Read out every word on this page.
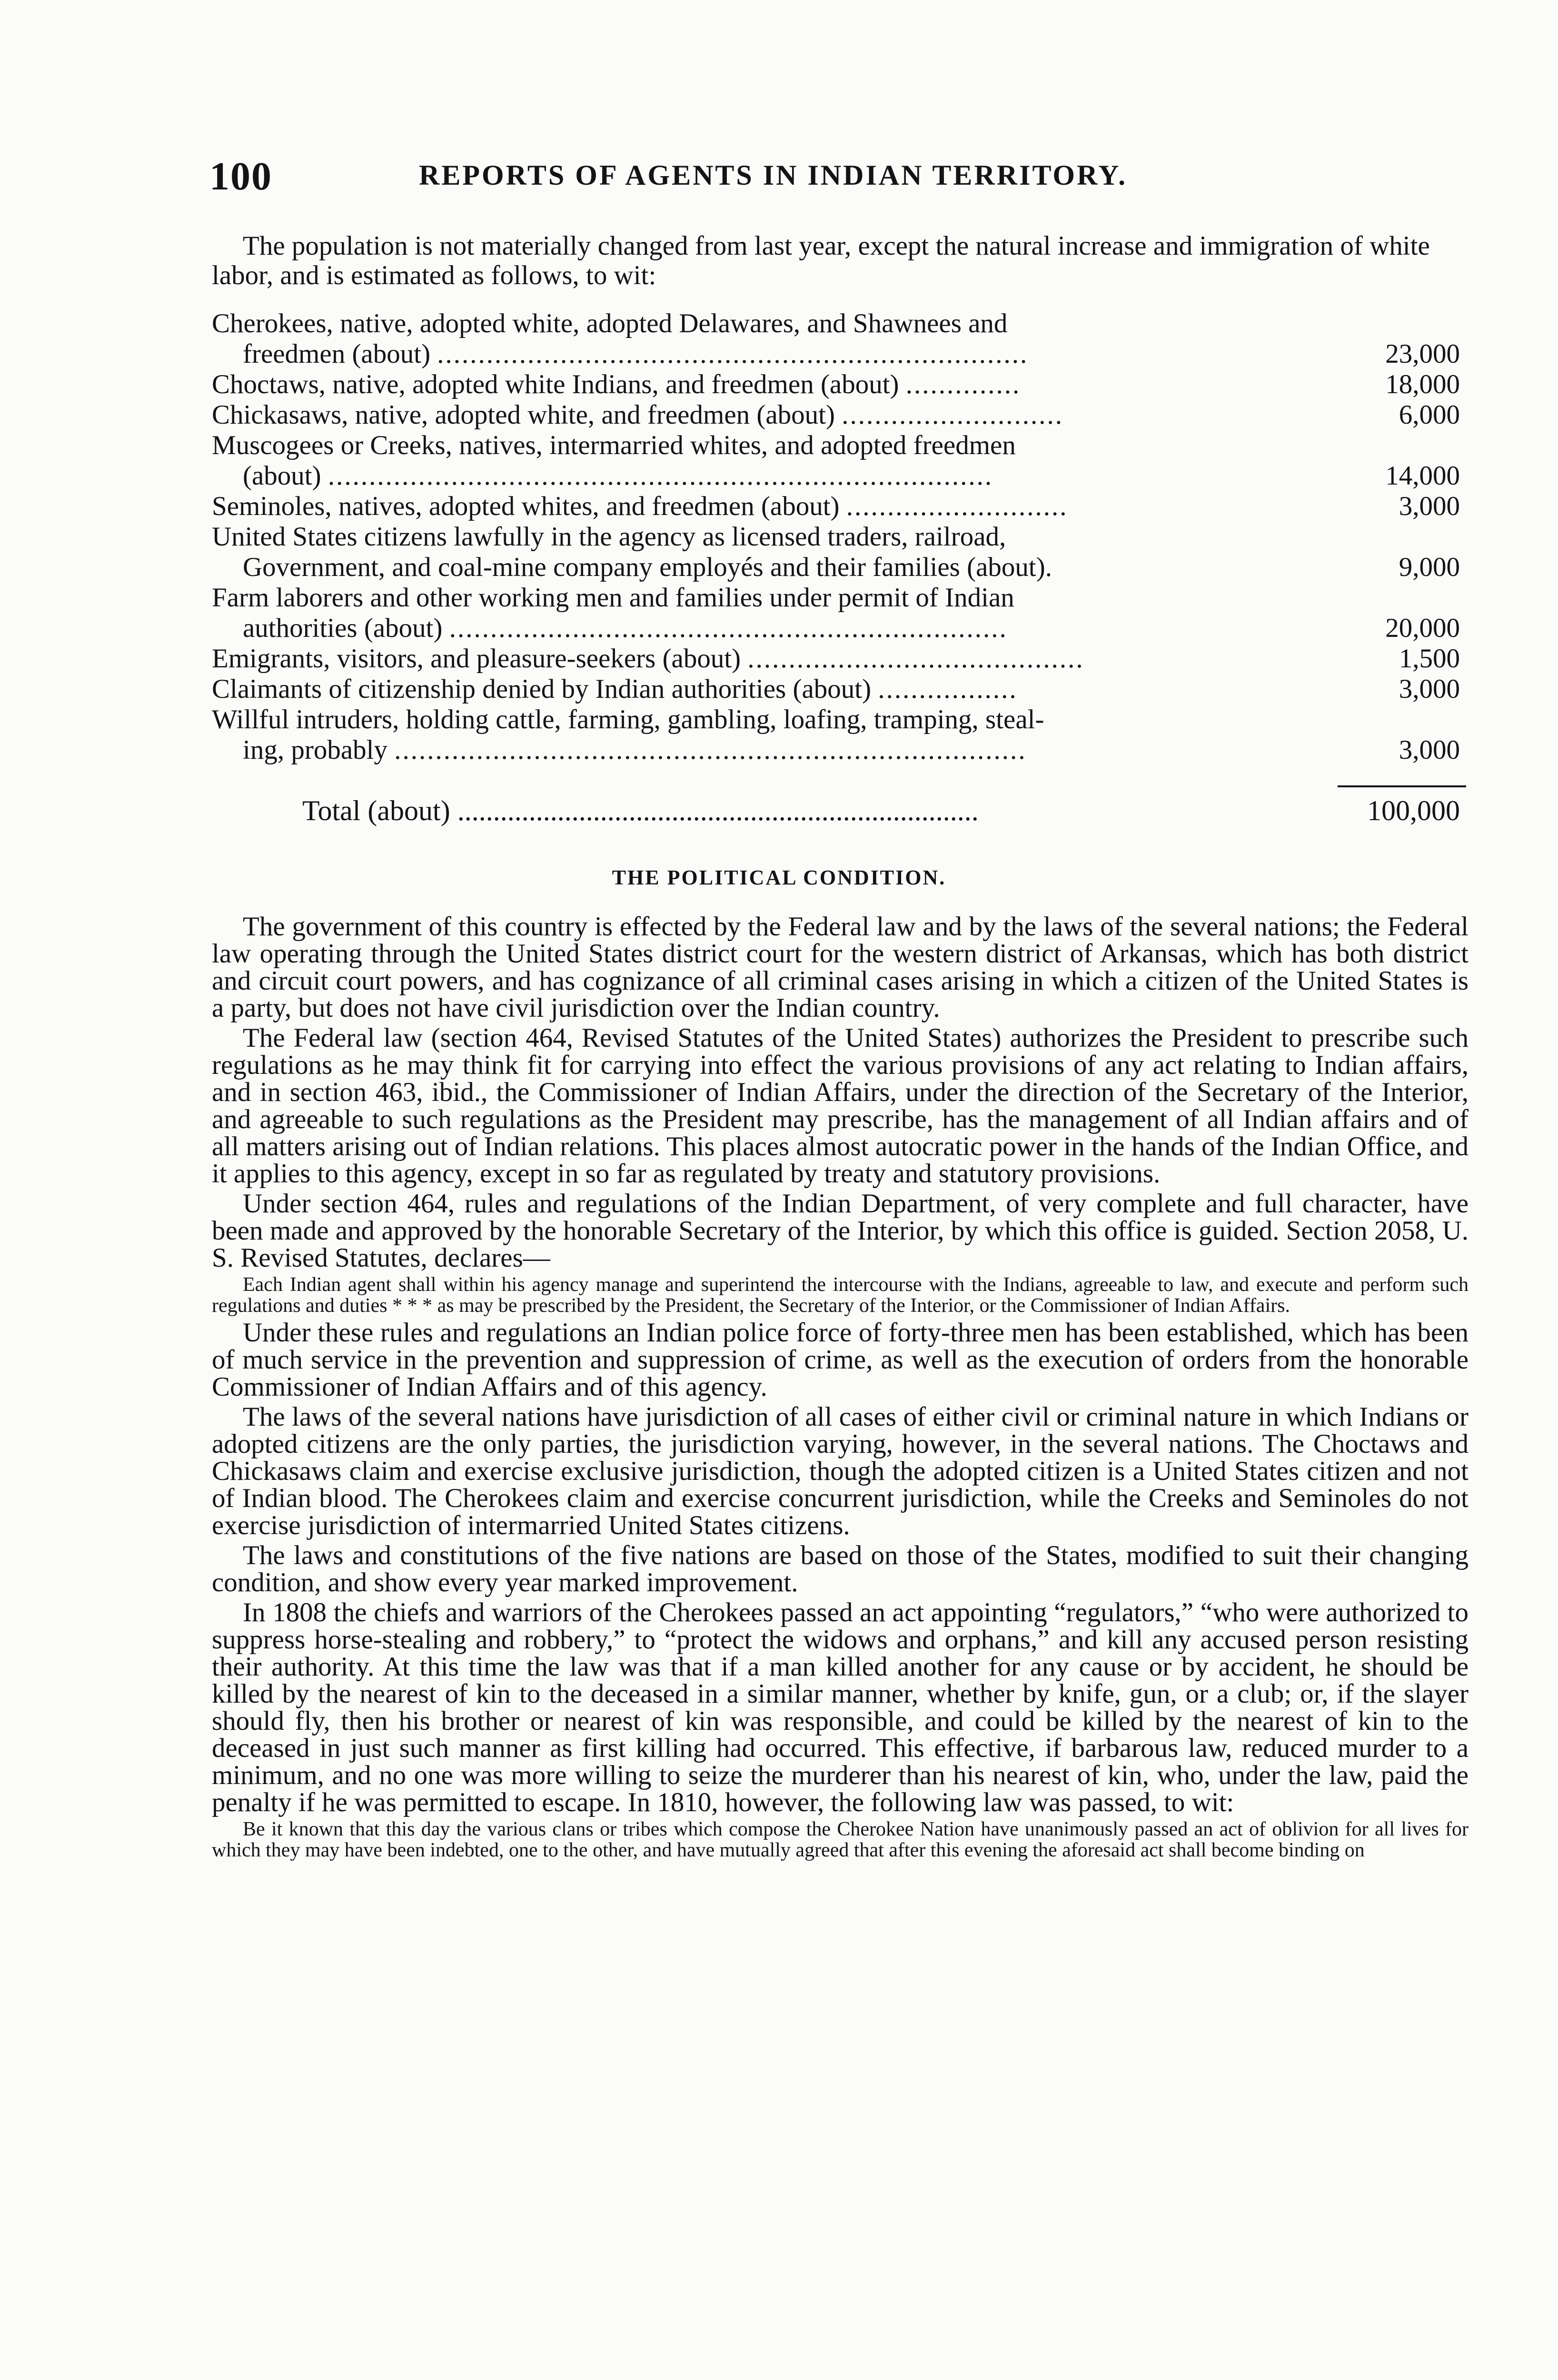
100	REPORTS OF AGENTS IN INDIAN TERRITORY.

The population is not materially changed from last year, except the natural increase and immigration of white labor, and is estimated as follows, to wit:

Cherokees, native, adopted white, adopted Delawares, and Shawnees and
freedmen (about) ........................................................................	23,000
Choctaws, native, adopted white Indians, and freedmen (about) ..............	18,000
Chickasaws, native, adopted white, and freedmen (about) ...........................	6,000
Muscogees or Creeks, natives, intermarried whites, and adopted freedmen
(about) .................................................................................	14,000
Seminoles, natives, adopted whites, and freedmen (about) ...........................	3,000
United States citizens lawfully in the agency as licensed traders, railroad,
Government, and coal-mine company employés and their families (about).	9,000
Farm laborers and other working men and families under permit of Indian
authorities (about) ....................................................................	20,000
Emigrants, visitors, and pleasure-seekers (about) .........................................	1,500
Claimants of citizenship denied by Indian authorities (about) .................	3,000
Willful intruders, holding cattle, farming, gambling, loafing, tramping, steal-
ing, probably .............................................................................	3,000
Total (about) .........................................................................	100,000
THE POLITICAL CONDITION.

The government of this country is effected by the Federal law and by the laws of the several nations; the Federal law operating through the United States district court for the western district of Arkansas, which has both district and circuit court powers, and has cognizance of all criminal cases arising in which a citizen of the United States is a party, but does not have civil jurisdiction over the Indian country.

The Federal law (section 464, Revised Statutes of the United States) authorizes the President to prescribe such regulations as he may think fit for carrying into effect the various provisions of any act relating to Indian affairs, and in section 463, ibid., the Commissioner of Indian Affairs, under the direction of the Secretary of the Interior, and agreeable to such regulations as the President may prescribe, has the management of all Indian affairs and of all matters arising out of Indian relations. This places almost autocratic power in the hands of the Indian Office, and it applies to this agency, except in so far as regulated by treaty and statutory provisions.

Under section 464, rules and regulations of the Indian Department, of very complete and full character, have been made and approved by the honorable Secretary of the Interior, by which this office is guided. Section 2058, U. S. Revised Statutes, declares—

Each Indian agent shall within his agency manage and superintend the intercourse with the Indians, agreeable to law, and execute and perform such regulations and duties * * * as may be prescribed by the President, the Secretary of the Interior, or the Commissioner of Indian Affairs.

Under these rules and regulations an Indian police force of forty-three men has been established, which has been of much service in the prevention and suppression of crime, as well as the execution of orders from the honorable Commissioner of Indian Affairs and of this agency.

The laws of the several nations have jurisdiction of all cases of either civil or criminal nature in which Indians or adopted citizens are the only parties, the jurisdiction varying, however, in the several nations. The Choctaws and Chickasaws claim and exercise exclusive jurisdiction, though the adopted citizen is a United States citizen and not of Indian blood. The Cherokees claim and exercise concurrent jurisdiction, while the Creeks and Seminoles do not exercise jurisdiction of intermarried United States citizens.

The laws and constitutions of the five nations are based on those of the States, modified to suit their changing condition, and show every year marked improvement.

In 1808 the chiefs and warriors of the Cherokees passed an act appointing “regulators,” “who were authorized to suppress horse-stealing and robbery,” to “protect the widows and orphans,” and kill any accused person resisting their authority. At this time the law was that if a man killed another for any cause or by accident, he should be killed by the nearest of kin to the deceased in a similar manner, whether by knife, gun, or a club; or, if the slayer should fly, then his brother or nearest of kin was responsible, and could be killed by the nearest of kin to the deceased in just such manner as first killing had occurred. This effective, if barbarous law, reduced murder to a minimum, and no one was more willing to seize the murderer than his nearest of kin, who, under the law, paid the penalty if he was permitted to escape. In 1810, however, the following law was passed, to wit:

Be it known that this day the various clans or tribes which compose the Cherokee Nation have unanimously passed an act of oblivion for all lives for which they may have been indebted, one to the other, and have mutually agreed that after this evening the aforesaid act shall become binding on
